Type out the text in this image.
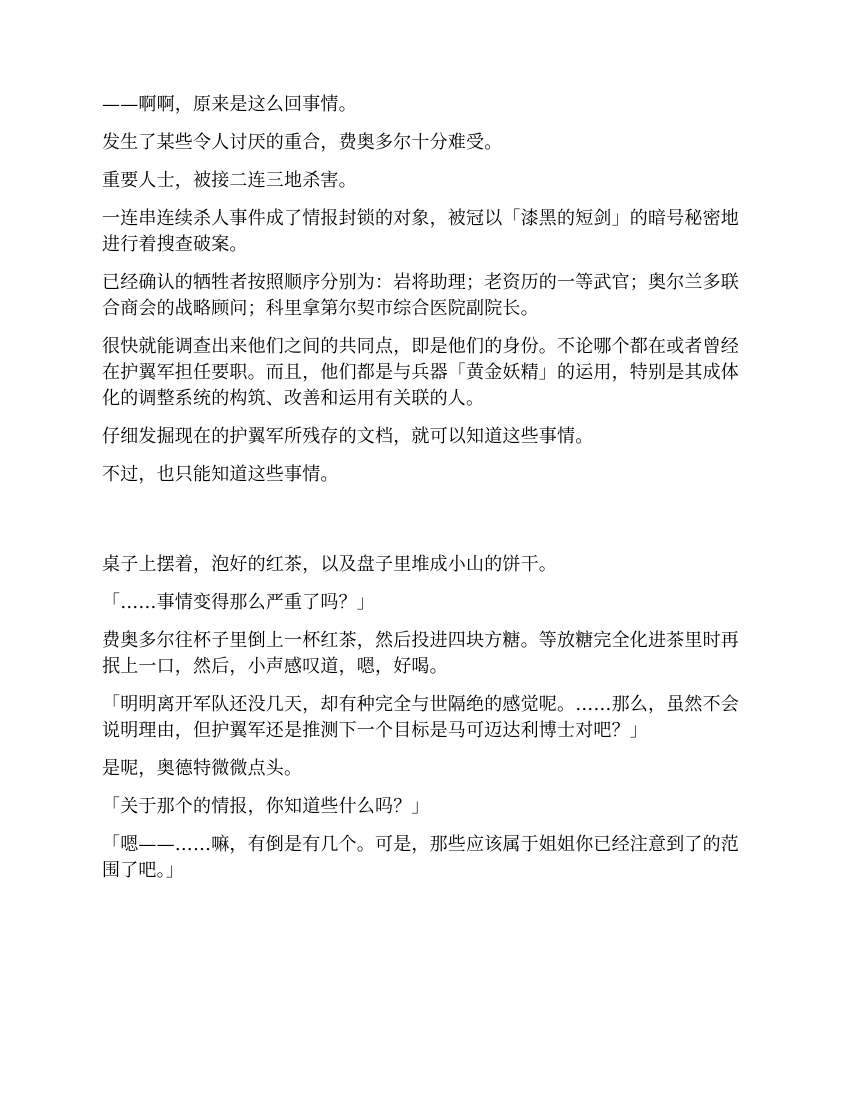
——啊啊，原来是这么回事情。

发生了某些令人讨厌的重合，费奥多尔十分难受。

重要人士，被接二连三地杀害。

一连串连续杀人事件成了情报封锁的对象，被冠以「漆黑的短剑」的暗号秘密地进行着搜查破案。

已经确认的牺牲者按照顺序分别为：岩将助理；老资历的一等武官；奥尔兰多联合商会的战略顾问；科里拿第尔契市综合医院副院长。

很快就能调查出来他们之间的共同点，即是他们的身份。不论哪个都在或者曾经在护翼军担任要职。而且，他们都是与兵器「黄金妖精」的运用，特别是其成体化的调整系统的构筑、改善和运用有关联的人。

仔细发掘现在的护翼军所残存的文档，就可以知道这些事情。

不过，也只能知道这些事情。

桌子上摆着，泡好的红茶，以及盘子里堆成小山的饼干。

「……事情变得那么严重了吗？」

费奥多尔往杯子里倒上一杯红茶，然后投进四块方糖。等放糖完全化进茶里时再抿上一口，然后，小声感叹道，嗯，好喝。

「明明离开军队还没几天，却有种完全与世隔绝的感觉呢。……那么，虽然不会说明理由，但护翼军还是推测下一个目标是马可迈达利博士对吧？」

是呢，奥德特微微点头。

「关于那个的情报，你知道些什么吗？」

「嗯——……嘛，有倒是有几个。可是，那些应该属于姐姐你已经注意到了的范围了吧。」
